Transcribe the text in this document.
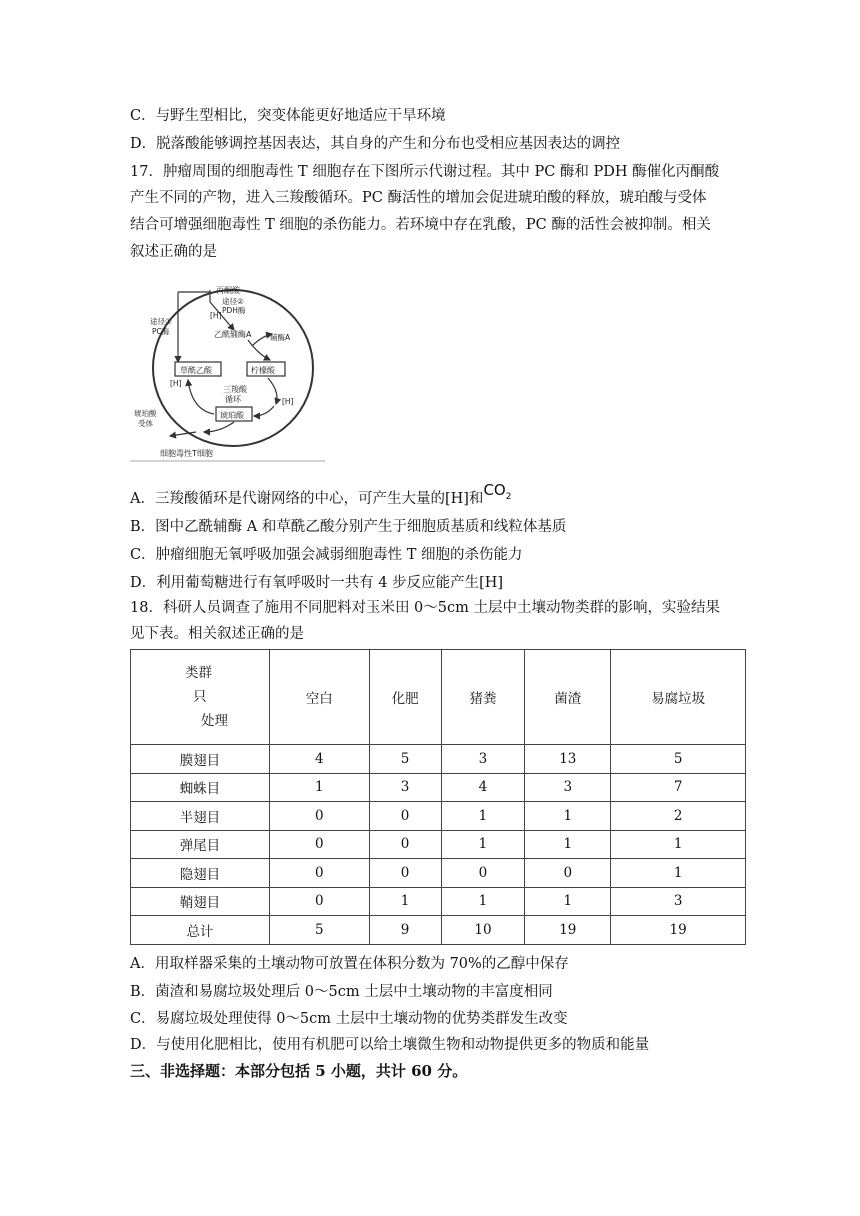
C．与野生型相比，突变体能更好地适应干旱环境
D．脱落酸能够调控基因表达，其自身的产生和分布也受相应基因表达的调控
17．肿瘤周围的细胞毒性 T 细胞存在下图所示代谢过程。其中 PC 酶和 PDH 酶催化丙酮酸
产生不同的产物，进入三羧酸循环。PC 酶活性的增加会促进琥珀酸的释放，琥珀酸与受体
结合可增强细胞毒性 T 细胞的杀伤能力。若环境中存在乳酸，PC 酶的活性会被抑制。相关
叙述正确的是
丙酮酸
途径②
PDH酶
[H]
途径①
PC酶	乙酰辅酶A 辅酶A
草酰乙酸	柠檬酸
[H]
三羧酸
循环	[H]
琥珀酸
琥珀酸
受体
细胞毒性T细胞
A．三羧酸循环是代谢网络的中心，可产生大量的[H]和$CO_2$
B．图中乙酰辅酶 A 和草酰乙酸分别产生于细胞质基质和线粒体基质
C．肿瘤细胞无氧呼吸加强会减弱细胞毒性 T 细胞的杀伤能力
D．利用葡萄糖进行有氧呼吸时一共有 4 步反应能产生[H]
18．科研人员调查了施用不同肥料对玉米田 0～5cm 土层中土壤动物类群的影响，实验结果
见下表。相关叙述正确的是
类群
只
处理	空白	化肥	猪粪	菌渣	易腐垃圾
膜翅目	4	5	3	13	5
蜘蛛目	1	3	4	3	7
半翅目	0	0	1	1	2
弹尾目	0	0	1	1	1
隐翅目	0	0	0	0	1
鞘翅目	0	1	1	1	3
总计	5	9	10	19	19
A．用取样器采集的土壤动物可放置在体积分数为 70%的乙醇中保存
B．菌渣和易腐垃圾处理后 0～5cm 土层中土壤动物的丰富度相同
C．易腐垃圾处理使得 0～5cm 土层中土壤动物的优势类群发生改变
D．与使用化肥相比，使用有机肥可以给土壤微生物和动物提供更多的物质和能量
三、非选择题：本部分包括 5 小题，共计 60 分。
